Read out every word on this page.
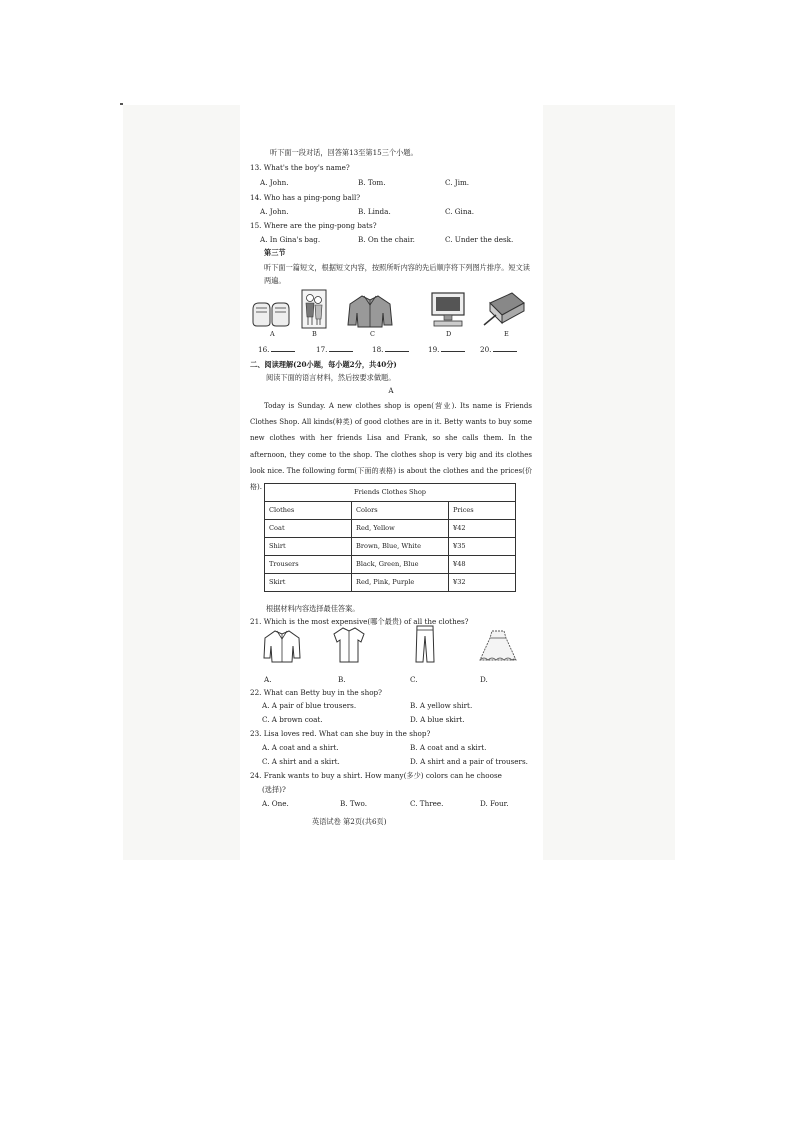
听下面一段对话，回答第13至第15三个小题。
13. What's the boy's name?
A. John.	B. Tom.	C. Jim.
14. Who has a ping-pong ball?
A. John.	B. Linda.	C. Gina.
15. Where are the ping-pong bats?
A. In Gina's bag.	B. On the chair.	C. Under the desk.
第三节
听下面一篇短文，根据短文内容，按照所听内容的先后顺序将下列图片排序。短文读两遍。
A	B	C	D	E
16.	17.	18.	19.	20.
二、阅读理解(20小题，每小题2分，共40分)
阅读下面的语言材料，然后按要求做题。
A
Today is Sunday. A new clothes shop is open(营业). Its name is Friends Clothes Shop. All kinds(种类) of good clothes are in it. Betty wants to buy some new clothes with her friends Lisa and Frank, so she calls them. In the afternoon, they come to the shop. The clothes shop is very big and its clothes look nice. The following form(下面的表格) is about the clothes and the prices(价格).
Friends Clothes Shop		
Clothes	Colors	Prices
Coat	Red, Yellow	¥42
Shirt	Brown, Blue, White	¥35
Trousers	Black, Green, Blue	¥48
Skirt	Red, Pink, Purple	¥32
根据材料内容选择最佳答案。
21. Which is the most expensive(哪个最贵) of all the clothes?
A.	B.	C.	D.
22. What can Betty buy in the shop?
A. A pair of blue trousers.	B. A yellow shirt.
C. A brown coat.	D. A blue skirt.
23. Lisa loves red. What can she buy in the shop?
A. A coat and a shirt.	B. A coat and a skirt.
C. A shirt and a skirt.	D. A shirt and a pair of trousers.
24. Frank wants to buy a shirt. How many(多少) colors can he choose
(选择)?
A. One.	B. Two.	C. Three.	D. Four.
英语试卷 第2页(共6页)
